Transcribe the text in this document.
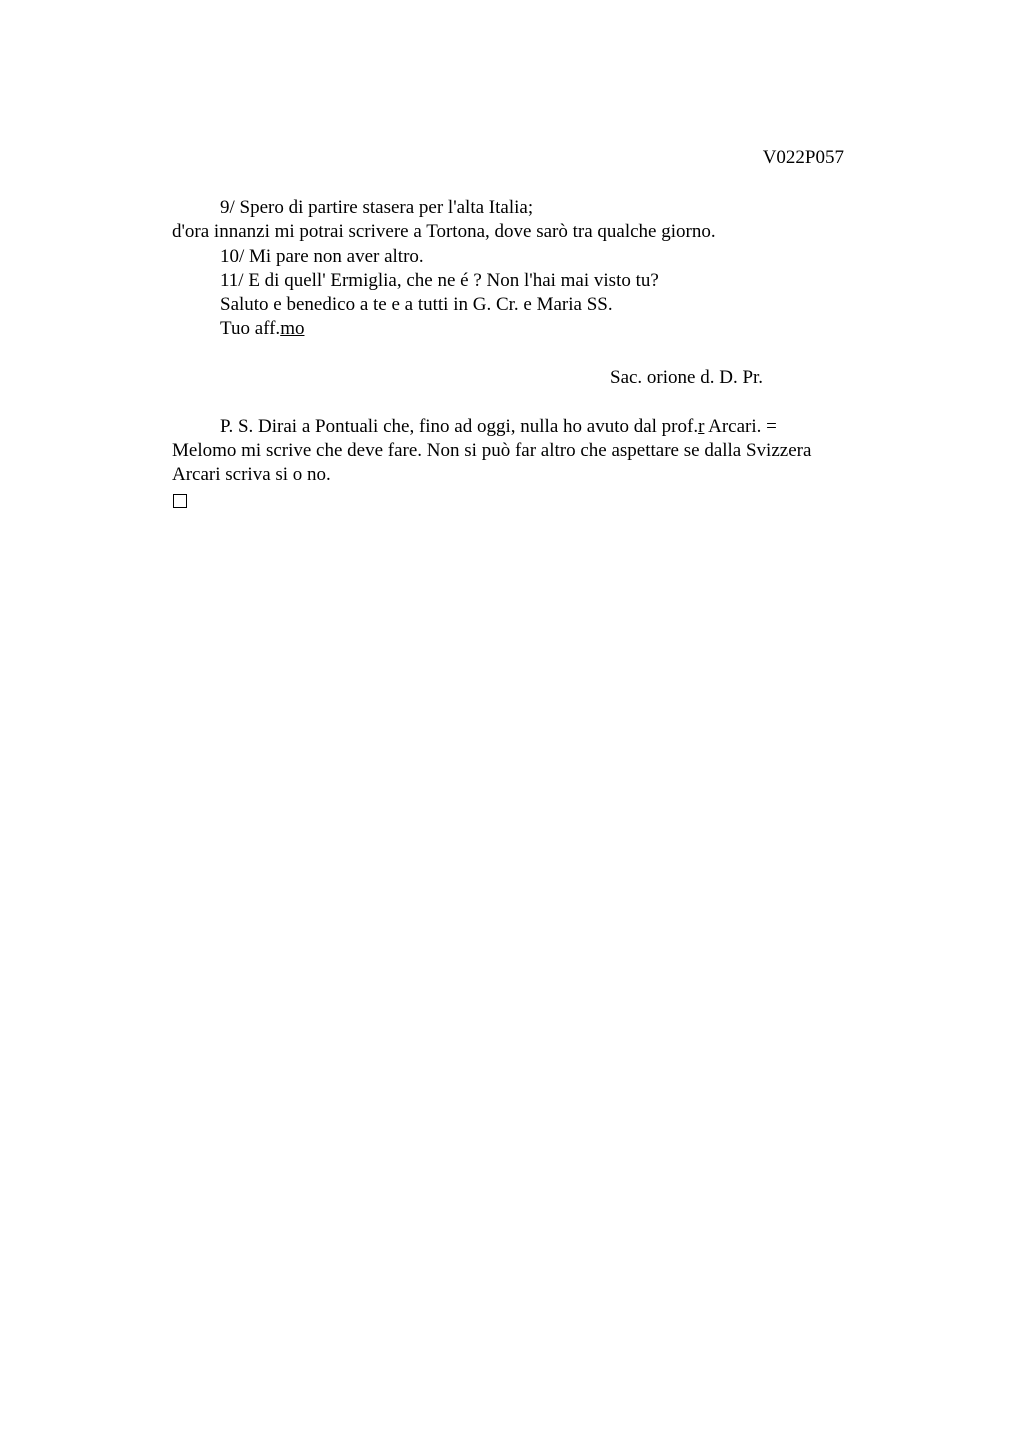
V022P057
9/ Spero di partire stasera per l'alta Italia;
d'ora innanzi mi potrai scrivere a Tortona, dove sarò tra qualche giorno.
10/ Mi pare non aver altro.
11/ E di quell' Ermiglia, che ne é ? Non l'hai mai visto tu?
Saluto e benedico a te e a tutti in G. Cr. e Maria SS.
Tuo aff.mo
Sac. orione d. D. Pr.
P. S. Dirai a Pontuali che, fino ad oggi, nulla ho avuto dal prof.r Arcari. =
Melomo mi scrive che deve fare. Non si può far altro che aspettare se dalla Svizzera
Arcari scriva si o no.
